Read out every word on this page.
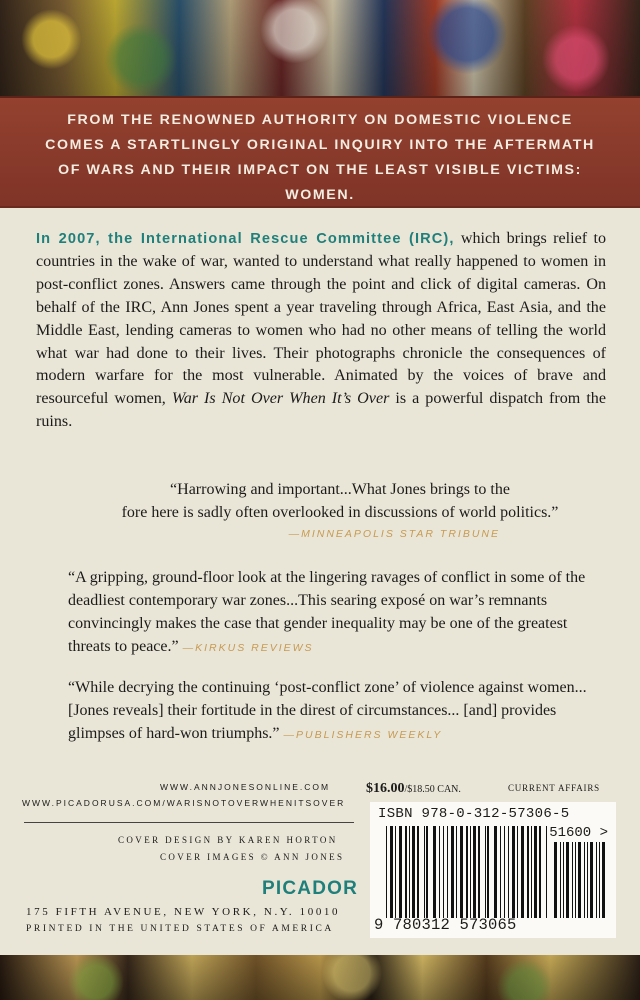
FROM THE RENOWNED AUTHORITY ON DOMESTIC VIOLENCE COMES A STARTLINGLY ORIGINAL INQUIRY INTO THE AFTERMATH OF WARS AND THEIR IMPACT ON THE LEAST VISIBLE VICTIMS: WOMEN.
In 2007, the International Rescue Committee (IRC), which brings relief to countries in the wake of war, wanted to understand what really happened to women in post-conflict zones. Answers came through the point and click of digital cameras. On behalf of the IRC, Ann Jones spent a year traveling through Africa, East Asia, and the Middle East, lending cameras to women who had no other means of telling the world what war had done to their lives. Their photographs chronicle the consequences of modern warfare for the most vulnerable. Animated by the voices of brave and resourceful women, War Is Not Over When It’s Over is a powerful dispatch from the ruins.
“Harrowing and important...What Jones brings to the
fore here is sadly often overlooked in discussions of world politics.”
—MINNEAPOLIS STAR TRIBUNE
“A gripping, ground-floor look at the lingering ravages of conflict in some of the deadliest contemporary war zones...This searing exposé on war’s remnants convincingly makes the case that gender inequality may be one of the greatest threats to peace.” —KIRKUS REVIEWS
“While decrying the continuing ‘post-conflict zone’ of violence against women...[Jones reveals] their fortitude in the direst of circumstances... [and] provides glimpses of hard-won triumphs.” —PUBLISHERS WEEKLY
WWW.ANNJONESONLINE.COM
WWW.PICADORUSA.COM/WARISNOTOVERWHENITSOVER
COVER DESIGN BY KAREN HORTON
COVER IMAGES © ANN JONES
PICADOR
175 FIFTH AVENUE, NEW YORK, N.Y. 10010
PRINTED IN THE UNITED STATES OF AMERICA
$16.00/$18.50 CAN.	CURRENT AFFAIRS
ISBN 978-0-312-57306-5
51600 >
9 780312 573065
